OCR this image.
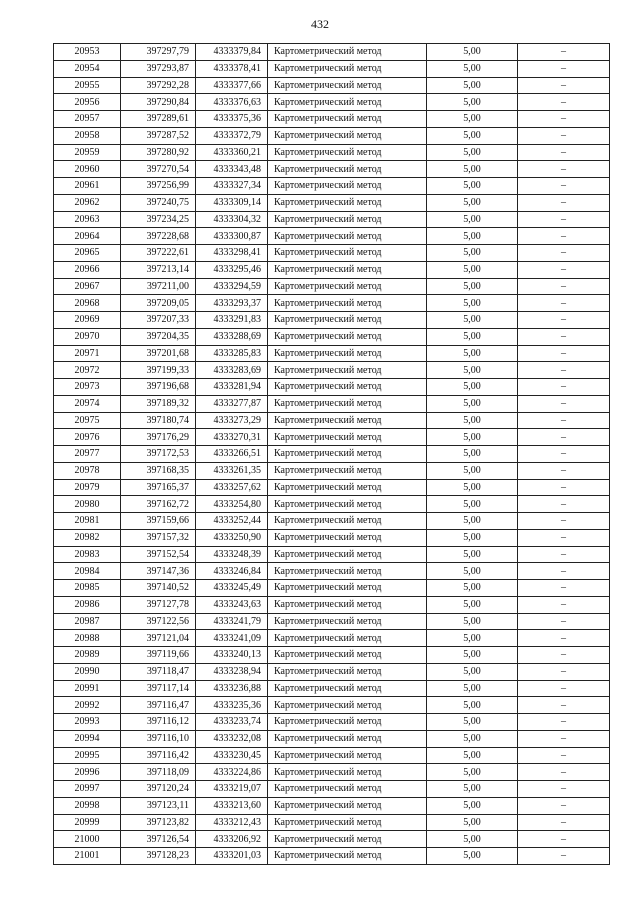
432
20953	397297,79	4333379,84	Картометрический метод	5,00	–
20954	397293,87	4333378,41	Картометрический метод	5,00	–
20955	397292,28	4333377,66	Картометрический метод	5,00	–
20956	397290,84	4333376,63	Картометрический метод	5,00	–
20957	397289,61	4333375,36	Картометрический метод	5,00	–
20958	397287,52	4333372,79	Картометрический метод	5,00	–
20959	397280,92	4333360,21	Картометрический метод	5,00	–
20960	397270,54	4333343,48	Картометрический метод	5,00	–
20961	397256,99	4333327,34	Картометрический метод	5,00	–
20962	397240,75	4333309,14	Картометрический метод	5,00	–
20963	397234,25	4333304,32	Картометрический метод	5,00	–
20964	397228,68	4333300,87	Картометрический метод	5,00	–
20965	397222,61	4333298,41	Картометрический метод	5,00	–
20966	397213,14	4333295,46	Картометрический метод	5,00	–
20967	397211,00	4333294,59	Картометрический метод	5,00	–
20968	397209,05	4333293,37	Картометрический метод	5,00	–
20969	397207,33	4333291,83	Картометрический метод	5,00	–
20970	397204,35	4333288,69	Картометрический метод	5,00	–
20971	397201,68	4333285,83	Картометрический метод	5,00	–
20972	397199,33	4333283,69	Картометрический метод	5,00	–
20973	397196,68	4333281,94	Картометрический метод	5,00	–
20974	397189,32	4333277,87	Картометрический метод	5,00	–
20975	397180,74	4333273,29	Картометрический метод	5,00	–
20976	397176,29	4333270,31	Картометрический метод	5,00	–
20977	397172,53	4333266,51	Картометрический метод	5,00	–
20978	397168,35	4333261,35	Картометрический метод	5,00	–
20979	397165,37	4333257,62	Картометрический метод	5,00	–
20980	397162,72	4333254,80	Картометрический метод	5,00	–
20981	397159,66	4333252,44	Картометрический метод	5,00	–
20982	397157,32	4333250,90	Картометрический метод	5,00	–
20983	397152,54	4333248,39	Картометрический метод	5,00	–
20984	397147,36	4333246,84	Картометрический метод	5,00	–
20985	397140,52	4333245,49	Картометрический метод	5,00	–
20986	397127,78	4333243,63	Картометрический метод	5,00	–
20987	397122,56	4333241,79	Картометрический метод	5,00	–
20988	397121,04	4333241,09	Картометрический метод	5,00	–
20989	397119,66	4333240,13	Картометрический метод	5,00	–
20990	397118,47	4333238,94	Картометрический метод	5,00	–
20991	397117,14	4333236,88	Картометрический метод	5,00	–
20992	397116,47	4333235,36	Картометрический метод	5,00	–
20993	397116,12	4333233,74	Картометрический метод	5,00	–
20994	397116,10	4333232,08	Картометрический метод	5,00	–
20995	397116,42	4333230,45	Картометрический метод	5,00	–
20996	397118,09	4333224,86	Картометрический метод	5,00	–
20997	397120,24	4333219,07	Картометрический метод	5,00	–
20998	397123,11	4333213,60	Картометрический метод	5,00	–
20999	397123,82	4333212,43	Картометрический метод	5,00	–
21000	397126,54	4333206,92	Картометрический метод	5,00	–
21001	397128,23	4333201,03	Картометрический метод	5,00	–
